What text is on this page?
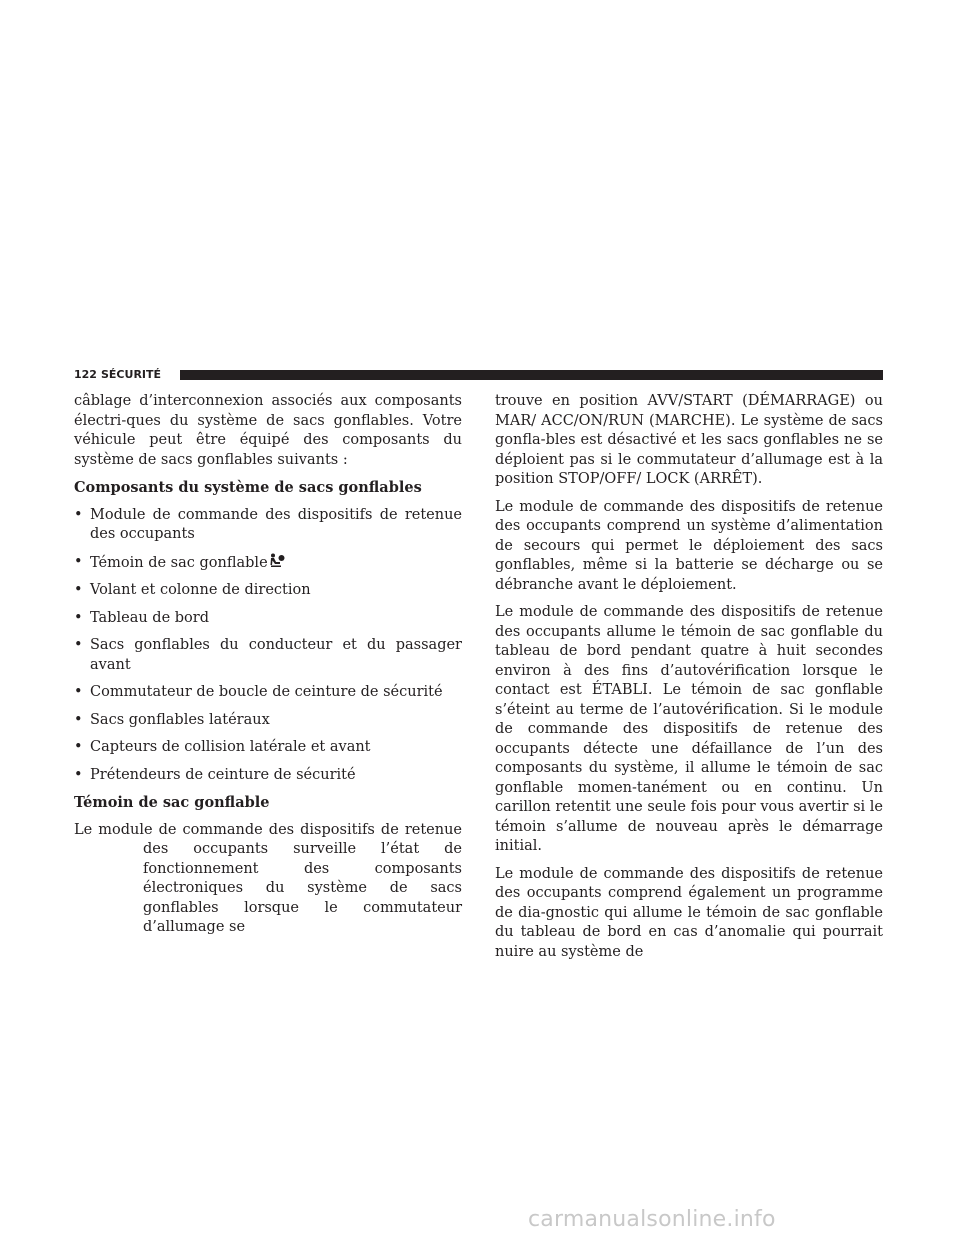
122 SÉCURITÉ

câblage d’interconnexion associés aux composants électri-ques du système de sacs gonflables. Votre véhicule peut être équipé des composants du système de sacs gonflables suivants :

Composants du système de sacs gonflables

• Module de commande des dispositifs de retenue des occupants
• Témoin de sac gonflable
• Volant et colonne de direction
• Tableau de bord
• Sacs gonflables du conducteur et du passager avant
• Commutateur de boucle de ceinture de sécurité
• Sacs gonflables latéraux
• Capteurs de collision latérale et avant
• Prétendeurs de ceinture de sécurité

Témoin de sac gonflable

Le module de commande des dispositifs de retenue des occupants surveille l’état de fonctionnement des composants électroniques du système de sacs gonflables lorsque le commutateur d’allumage se

trouve en position AVV/START (DÉMARRAGE) ou MAR/ ACC/ON/RUN (MARCHE). Le système de sacs gonfla-bles est désactivé et les sacs gonflables ne se déploient pas si le commutateur d’allumage est à la position STOP/OFF/ LOCK (ARRÊT).

Le module de commande des dispositifs de retenue des occupants comprend un système d’alimentation de secours qui permet le déploiement des sacs gonflables, même si la batterie se décharge ou se débranche avant le déploiement.

Le module de commande des dispositifs de retenue des occupants allume le témoin de sac gonflable du tableau de bord pendant quatre à huit secondes environ à des fins d’autovérification lorsque le contact est ÉTABLI. Le témoin de sac gonflable s’éteint au terme de l’autovérification. Si le module de commande des dispositifs de retenue des occupants détecte une défaillance de l’un des composants du système, il allume le témoin de sac gonflable momen-tanément ou en continu. Un carillon retentit une seule fois pour vous avertir si le témoin s’allume de nouveau après le démarrage initial.

Le module de commande des dispositifs de retenue des occupants comprend également un programme de dia-gnostic qui allume le témoin de sac gonflable du tableau de bord en cas d’anomalie qui pourrait nuire au système de

carmanualsonline.info
